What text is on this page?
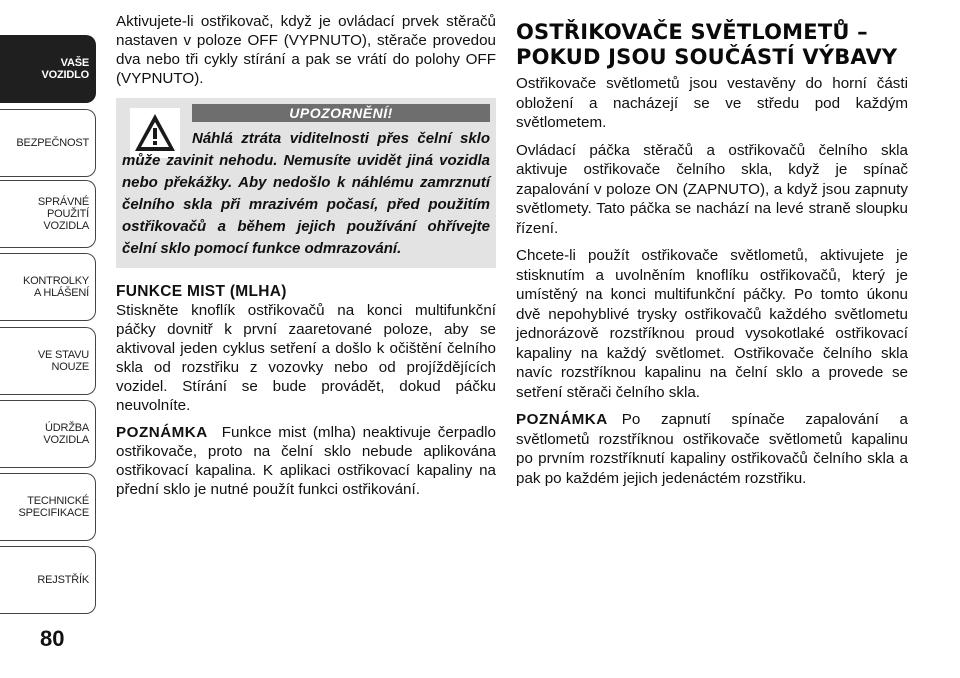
VAŠE
VOZIDLO
BEZPEČNOST
SPRÁVNÉ
POUŽITÍ
VOZIDLA
KONTROLKY
A HLÁŠENÍ
VE STAVU
NOUZE
ÚDRŽBA
VOZIDLA
TECHNICKÉ
SPECIFIKACE
REJSTŘÍK
80

Aktivujete-li ostřikovač, když je ovládací prvek stěračů nastaven v poloze OFF (VYPNUTO), stěrače provedou dva nebo tři cykly stírání a pak se vrátí do polohy OFF (VYPNUTO).

UPOZORNĚNÍ!
Náhlá ztráta viditelnosti přes čelní sklo může zavinit nehodu. Nemusíte uvidět jiná vozidla nebo překážky. Aby nedošlo k náhlému zamrznutí čelního skla při mrazivém počasí, před použitím ostřikovačů a během jejich používání ohřívejte čelní sklo pomocí funkce odmrazování.
FUNKCE MIST (MLHA)

Stiskněte knoflík ostřikovačů na konci multifunkční páčky dovnitř k první zaaretované poloze, aby se aktivoval jeden cyklus setření a došlo k očištění čelního skla od rozstřiku z vozovky nebo od projíždějících vozidel. Stírání se bude provádět, dokud páčku neuvolníte.

POZNÁMKA Funkce mist (mlha) neaktivuje čerpadlo ostřikovače, proto na čelní sklo nebude aplikována ostřikovací kapalina. K aplikaci ostřikovací kapaliny na přední sklo je nutné použít funkci ostřikování.

OSTŘIKOVAČE SVĚTLOMETŮ – POKUD JSOU SOUČÁSTÍ VÝBAVY

Ostřikovače světlometů jsou vestavěny do horní části obložení a nacházejí se ve středu pod každým světlometem.

Ovládací páčka stěračů a ostřikovačů čelního skla aktivuje ostřikovače čelního skla, když je spínač zapalování v poloze ON (ZAPNUTO), a když jsou zapnuty světlomety. Tato páčka se nachází na levé straně sloupku řízení.

Chcete-li použít ostřikovače světlometů, aktivujete je stisknutím a uvolněním knoflíku ostřikovačů, který je umístěný na konci multifunkční páčky. Po tomto úkonu dvě nepohyblivé trysky ostřikovačů každého světlometu jednorázově rozstříknou proud vysokotlaké ostřikovací kapaliny na každý světlomet. Ostřikovače čelního skla navíc rozstříknou kapalinu na čelní sklo a provede se setření stěrači čelního skla.

POZNÁMKA Po zapnutí spínače zapalování a světlometů rozstříknou ostřikovače světlometů kapalinu po prvním rozstříknutí kapaliny ostřikovačů čelního skla a pak po každém jejich jedenáctém rozstřiku.
